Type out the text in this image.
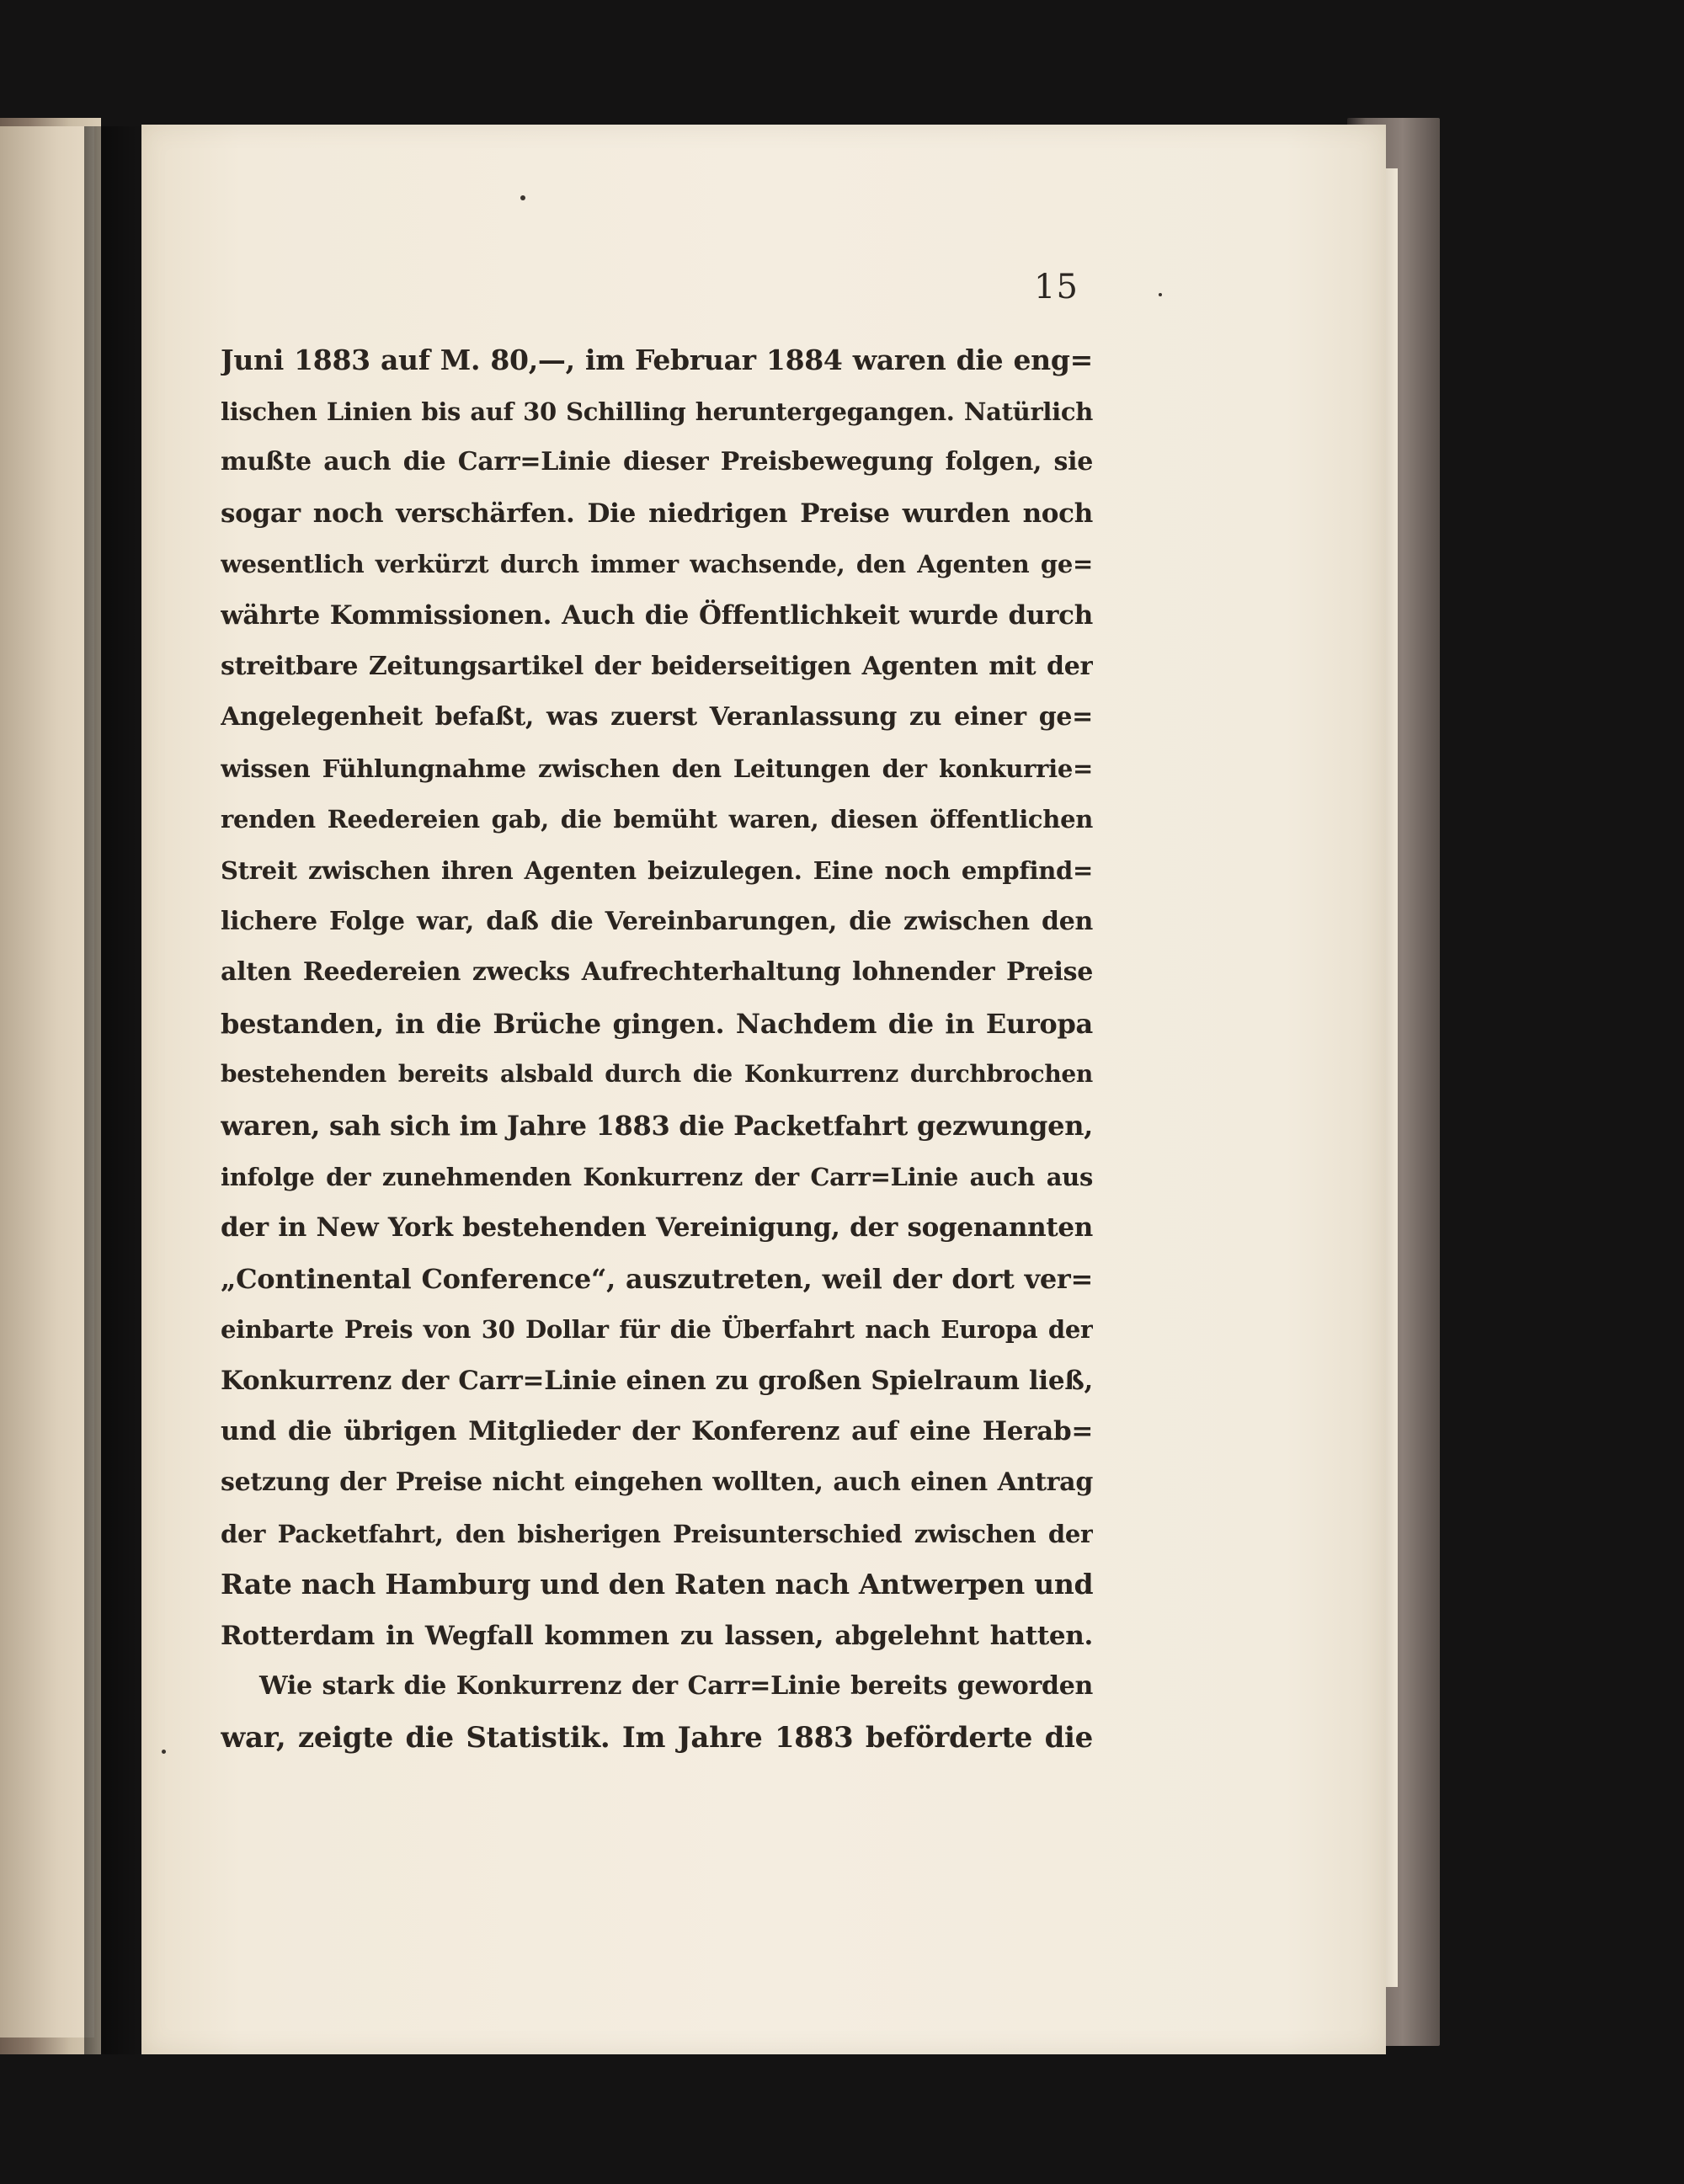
15
Juni 1883 auf M. 80,—, im Februar 1884 waren die eng=
lischen Linien bis auf 30 Schilling heruntergegangen. Natürlich
mußte auch die Carr=Linie dieser Preisbewegung folgen, sie
sogar noch verschärfen. Die niedrigen Preise wurden noch
wesentlich verkürzt durch immer wachsende, den Agenten ge=
währte Kommissionen. Auch die Öffentlichkeit wurde durch
streitbare Zeitungsartikel der beiderseitigen Agenten mit der
Angelegenheit befaßt, was zuerst Veranlassung zu einer ge=
wissen Fühlungnahme zwischen den Leitungen der konkurrie=
renden Reedereien gab, die bemüht waren, diesen öffentlichen
Streit zwischen ihren Agenten beizulegen. Eine noch empfind=
lichere Folge war, daß die Vereinbarungen, die zwischen den
alten Reedereien zwecks Aufrechterhaltung lohnender Preise
bestanden, in die Brüche gingen. Nachdem die in Europa
bestehenden bereits alsbald durch die Konkurrenz durchbrochen
waren, sah sich im Jahre 1883 die Packetfahrt gezwungen,
infolge der zunehmenden Konkurrenz der Carr=Linie auch aus
der in New York bestehenden Vereinigung, der sogenannten
„Continental Conference“, auszutreten, weil der dort ver=
einbarte Preis von 30 Dollar für die Überfahrt nach Europa der
Konkurrenz der Carr=Linie einen zu großen Spielraum ließ,
und die übrigen Mitglieder der Konferenz auf eine Herab=
setzung der Preise nicht eingehen wollten, auch einen Antrag
der Packetfahrt, den bisherigen Preisunterschied zwischen der
Rate nach Hamburg und den Raten nach Antwerpen und
Rotterdam in Wegfall kommen zu lassen, abgelehnt hatten.
Wie stark die Konkurrenz der Carr=Linie bereits geworden
war, zeigte die Statistik. Im Jahre 1883 beförderte die
